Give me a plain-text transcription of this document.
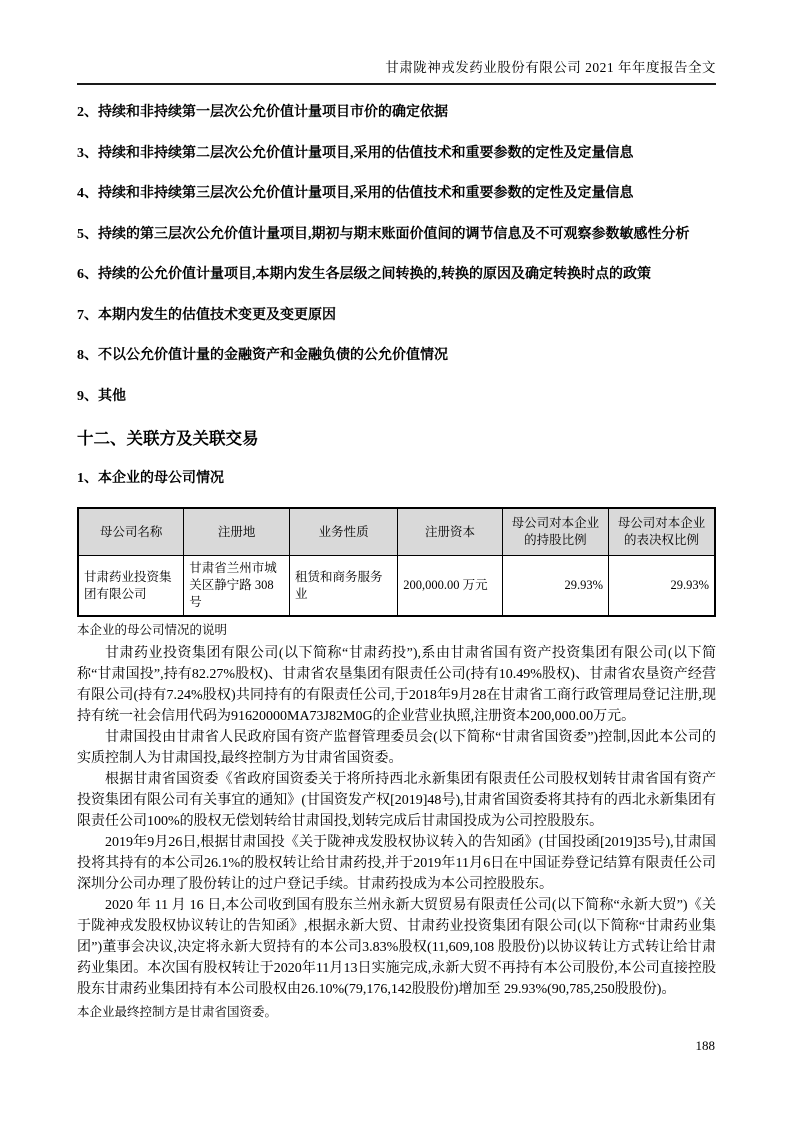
甘肃陇神戎发药业股份有限公司 2021 年年度报告全文

2、持续和非持续第一层次公允价值计量项目市价的确定依据

3、持续和非持续第二层次公允价值计量项目,采用的估值技术和重要参数的定性及定量信息

4、持续和非持续第三层次公允价值计量项目,采用的估值技术和重要参数的定性及定量信息

5、持续的第三层次公允价值计量项目,期初与期末账面价值间的调节信息及不可观察参数敏感性分析

6、持续的公允价值计量项目,本期内发生各层级之间转换的,转换的原因及确定转换时点的政策

7、本期内发生的估值技术变更及变更原因

8、不以公允价值计量的金融资产和金融负债的公允价值情况

9、其他

十二、关联方及关联交易

1、本企业的母公司情况

母公司名称	注册地	业务性质	注册资本	母公司对本企业的持股比例	母公司对本企业的表决权比例
甘肃药业投资集团有限公司	甘肃省兰州市城关区静宁路 308 号	租赁和商务服务业	200,000.00 万元	29.93%	29.93%

本企业的母公司情况的说明

甘肃药业投资集团有限公司(以下简称“甘肃药投”),系由甘肃省国有资产投资集团有限公司(以下简称“甘肃国投”,持有82.27%股权)、甘肃省农垦集团有限责任公司(持有10.49%股权)、甘肃省农垦资产经营有限公司(持有7.24%股权)共同持有的有限责任公司,于2018年9月28在甘肃省工商行政管理局登记注册,现持有统一社会信用代码为91620000MA73J82M0G的企业营业执照,注册资本200,000.00万元。

甘肃国投由甘肃省人民政府国有资产监督管理委员会(以下简称“甘肃省国资委”)控制,因此本公司的实质控制人为甘肃国投,最终控制方为甘肃省国资委。

根据甘肃省国资委《省政府国资委关于将所持西北永新集团有限责任公司股权划转甘肃省国有资产投资集团有限公司有关事宜的通知》(甘国资发产权[2019]48号),甘肃省国资委将其持有的西北永新集团有限责任公司100%的股权无偿划转给甘肃国投,划转完成后甘肃国投成为公司控股股东。

2019年9月26日,根据甘肃国投《关于陇神戎发股权协议转入的告知函》(甘国投函[2019]35号),甘肃国投将其持有的本公司26.1%的股权转让给甘肃药投,并于2019年11月6日在中国证券登记结算有限责任公司深圳分公司办理了股份转让的过户登记手续。甘肃药投成为本公司控股股东。

2020 年 11 月 16 日,本公司收到国有股东兰州永新大贸贸易有限责任公司(以下简称“永新大贸”)《关于陇神戎发股权协议转让的告知函》,根据永新大贸、甘肃药业投资集团有限公司(以下简称“甘肃药业集团”)董事会决议,决定将永新大贸持有的本公司3.83%股权(11,609,108 股股份)以协议转让方式转让给甘肃药业集团。本次国有股权转让于2020年11月13日实施完成,永新大贸不再持有本公司股份,本公司直接控股股东甘肃药业集团持有本公司股权由26.10%(79,176,142股股份)增加至 29.93%(90,785,250股股份)。

本企业最终控制方是甘肃省国资委。

188
